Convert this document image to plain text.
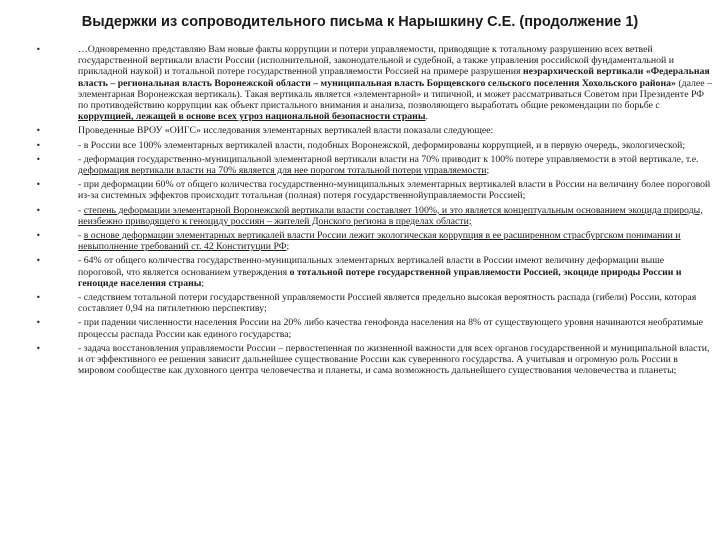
Выдержки из сопроводительного письма к Нарышкину С.Е. (продолжение 1)
•	…Одновременно представляю Вам новые факты коррупции и потери управляемости, приводящие к тотальному разрушению всех ветвей государственной вертикали власти России (исполнительной, законодательной и судебной, а также управления российской фундаментальной и прикладной наукой) и тотальной потере государственной управляемости Россией на примере разрушения неэрархической вертикали «Федеральная власть – региональная власть Воронежской области – муниципальная власть Борщевского сельского поселения Хохольского района» (далее – элементарная Воронежская вертикаль). Такая вертикаль является «элементарной» и типичной, и может рассматриваться Советом при Президенте РФ по противодействию коррупции как объект пристального внимания и анализа, позволяющего выработать общие рекомендации по борьбе с коррупцией, лежащей в основе всех угроз национальной безопасности страны.
•	Проведенные ВРОУ «ОИГС» исследования элементарных вертикалей власти показали следующее:
•	- в России все 100% элементарных вертикалей власти, подобных Воронежской, деформированы коррупцией, и в первую очередь, экологической;
•	- деформация государственно-муниципальной элементарной вертикали власти на 70% приводит к 100% потере управляемости в этой вертикале, т.е. деформация вертикали власти на 70% является для нее порогом тотальной потери управляемости;
•	- при деформации 60% от общего количества государственно-муниципальных элементарных вертикалей власти в России на величину более пороговой из-за системных эффектов происходит тотальная (полная) потеря государственнойуправляемости Россией;
•	- степень деформации элементарной Воронежской вертикали власти составляет 100%, и это является концептуальным основанием экоцида природы, неизбежно приводящего к геноциду россиян – жителей Донского региона в пределах области;
•	- в основе деформации элементарных вертикалей власти России лежит экологическая коррупция в ее расширенном страсбургском понимании и невыполнение требований ст. 42 Конституции РФ;
•	- 64% от общего количества государственно-муниципальных элементарных вертикалей власти в России имеют величину деформации выше пороговой, что является основанием утверждения о тотальной потере государственной управляемости Россией, экоциде природы России и геноциде населения страны;
•	- следствием тотальной потери государственной управляемости Россией является предельно высокая вероятность распада (гибели) России, которая составляет 0,94 на пятилетнюю перспективу;
•	- при падении численности населения России на 20% либо качества генофонда населения на 8% от существующего уровня начинаются необратимые процессы распада России как единого государства;
•	- задача восстановления управляемости России – первостепенная по жизненной важности для всех органов государственной и муниципальной власти, и от эффективного ее решения зависит дальнейшее существование России как суверенного государства. А учитывая и огромную роль России в мировом сообществе как духовного центра человечества и планеты, и сама возможность дальнейшего существования человечества и планеты;
